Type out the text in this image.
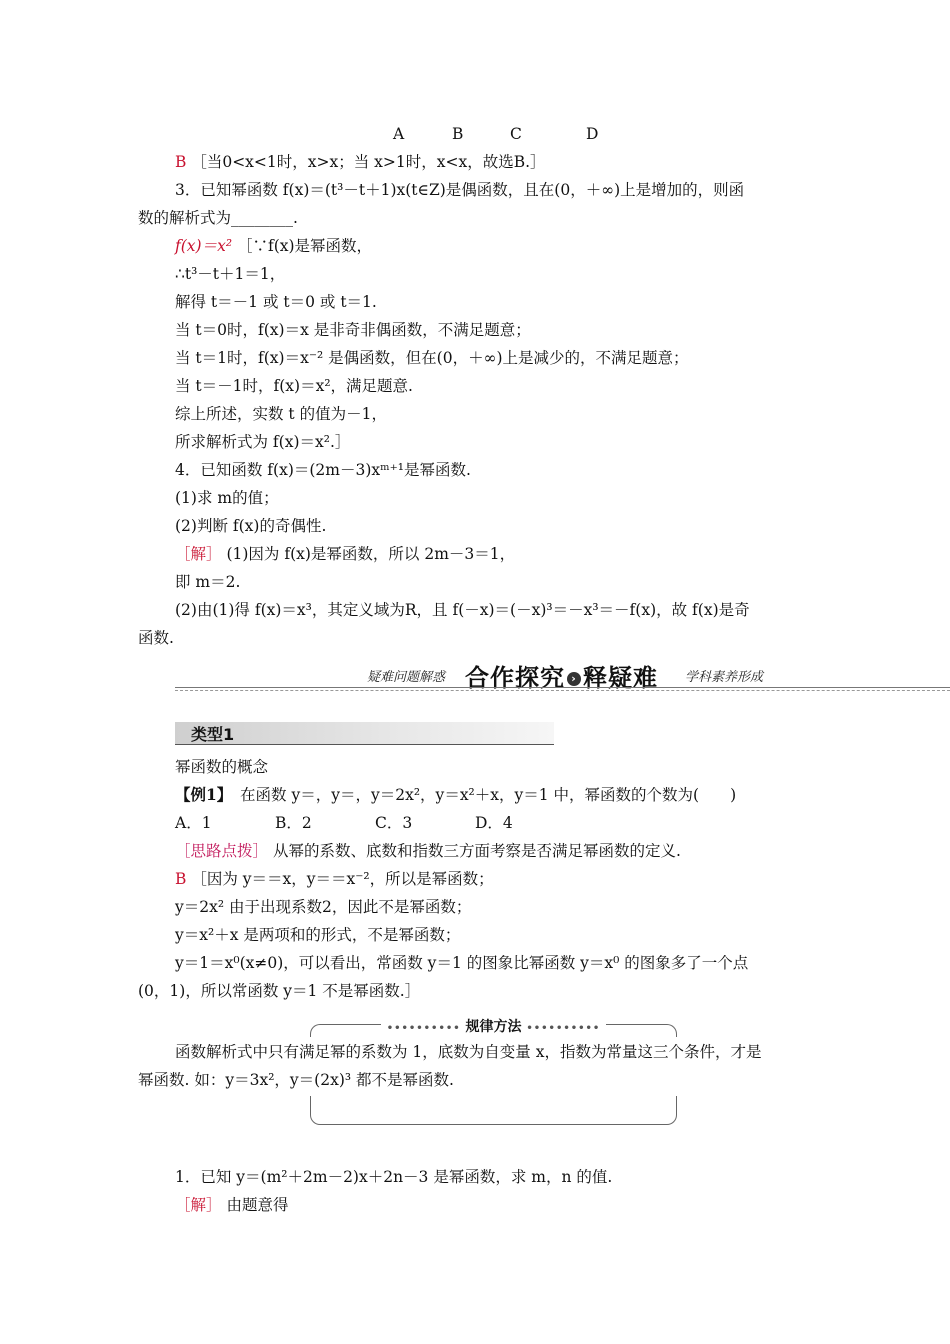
A	B	C	D
B ［当0<x<1时，x>x；当 x>1时，x<x，故选B.］
3．已知幂函数 f(x)＝(t³－t＋1)x(t∈Z)是偶函数，且在(0，＋∞)上是增加的，则函
数的解析式为________.
f(x)＝x² ［∵f(x)是幂函数，
∴t³－t＋1＝1，
解得 t＝－1 或 t＝0 或 t＝1.
当 t＝0时，f(x)＝x 是非奇非偶函数，不满足题意；
当 t＝1时，f(x)＝x⁻² 是偶函数，但在(0，＋∞)上是减少的，不满足题意；
当 t＝－1时，f(x)＝x²，满足题意.
综上所述，实数 t 的值为－1，
所求解析式为 f(x)＝x².］
4．已知函数 f(x)＝(2m－3)xᵐ⁺¹是幂函数.
(1)求 m的值；
(2)判断 f(x)的奇偶性.
［解］ (1)因为 f(x)是幂函数，所以 2m－3＝1，
即 m＝2.
(2)由(1)得 f(x)＝x³，其定义域为R，且 f(－x)＝(－x)³＝－x³＝－f(x)，故 f(x)是奇
函数.
疑难问题解惑 合作探究 › 释疑难 学科素养形成
类型1
幂函数的概念
【例1】　在函数 y＝，y＝，y＝2x²，y＝x²＋x，y＝1 中，幂函数的个数为(　　)
A．1	B．2	C．3	D．4
［思路点拨］ 从幂的系数、底数和指数三方面考察是否满足幂函数的定义.
B ［因为 y＝＝x，y＝＝x⁻²，所以是幂函数；
y＝2x² 由于出现系数2，因此不是幂函数；
y＝x²＋x 是两项和的形式，不是幂函数；
y＝1＝x⁰(x≠0)，可以看出，常函数 y＝1 的图象比幂函数 y＝x⁰ 的图象多了一个点
(0，1)，所以常函数 y＝1 不是幂函数.］
•••••••••• 规律方法 ••••••••••
函数解析式中只有满足幂的系数为 1，底数为自变量 x，指数为常量这三个条件，才是
幂函数. 如：y＝3x²，y＝(2x)³ 都不是幂函数.
1．已知 y＝(m²＋2m－2)x＋2n－3 是幂函数，求 m，n 的值.
［解］ 由题意得
